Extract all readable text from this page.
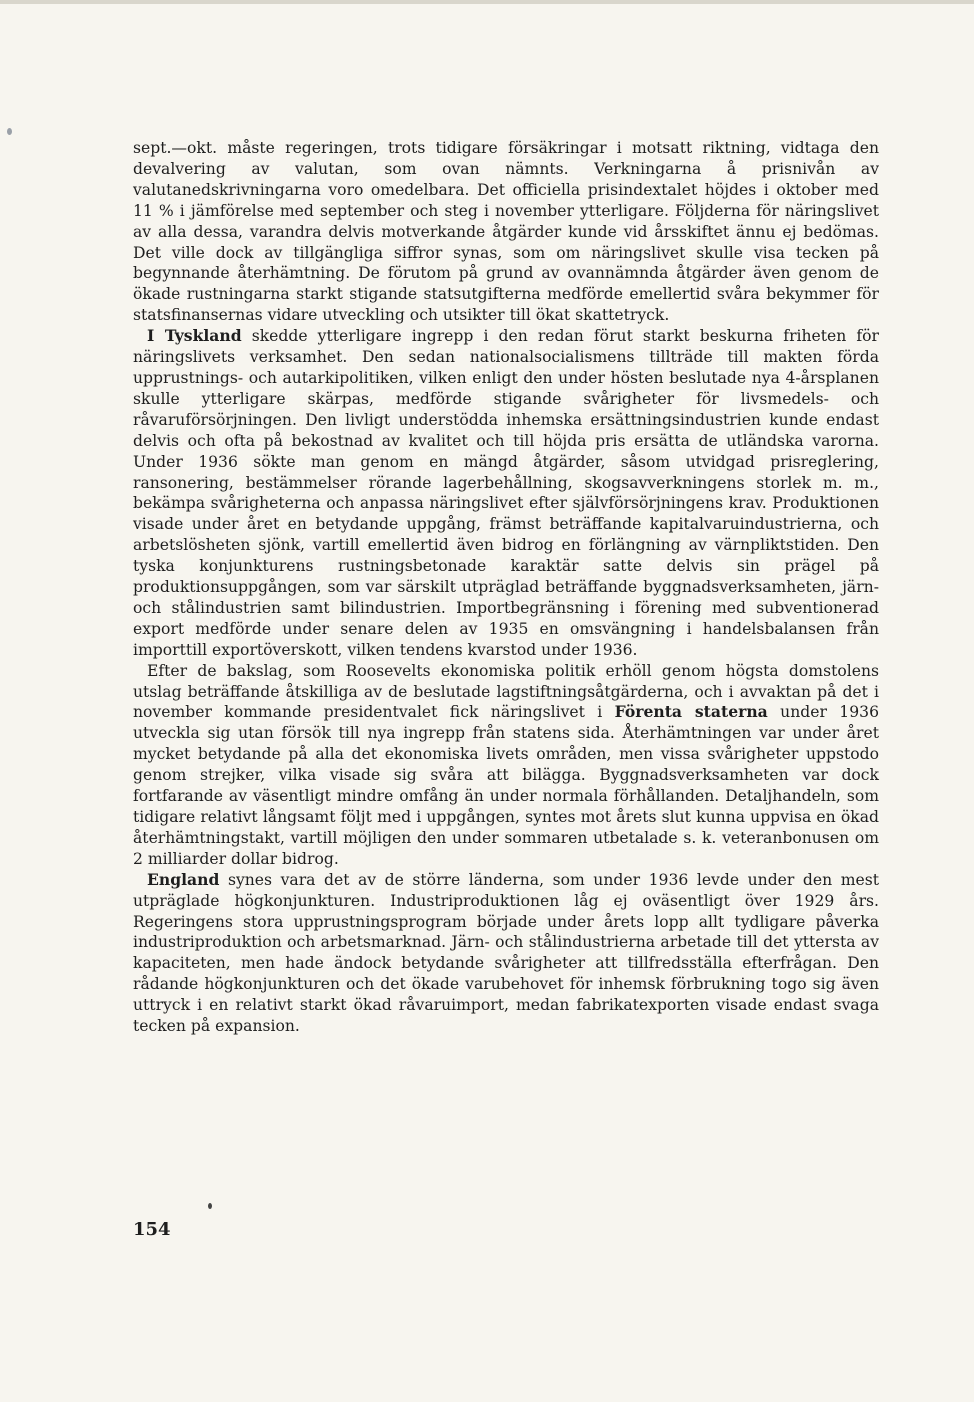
sept.—okt. måste regeringen, trots tidigare försäkringar i motsatt riktning, vidtaga den devalvering av valutan, som ovan nämnts. Verkningarna å prisnivån av valutanedskrivningarna voro omedelbara. Det officiella prisindextalet höjdes i oktober med 11 % i jämförelse med september och steg i november ytterligare. Följderna för näringslivet av alla dessa, varandra delvis motverkande åtgärder kunde vid årsskiftet ännu ej bedömas. Det ville dock av tillgängliga siffror synas, som om näringslivet skulle visa tecken på begynnande återhämtning. De förutom på grund av ovannämnda åtgärder även genom de ökade rustningarna starkt stigande statsutgifterna medförde emellertid svåra bekymmer för statsfinansernas vidare utveckling och utsikter till ökat skattetryck.

I Tyskland skedde ytterligare ingrepp i den redan förut starkt beskurna friheten för näringslivets verksamhet. Den sedan nationalsocialismens tillträde till makten förda upprustnings- och autarkipolitiken, vilken enligt den under hösten beslutade nya 4-årsplanen skulle ytterligare skärpas, medförde stigande svårigheter för livsmedels- och råvaruförsörjningen. Den livligt understödda inhemska ersättningsindustrien kunde endast delvis och ofta på bekostnad av kvalitet och till höjda pris ersätta de utländska varorna. Under 1936 sökte man genom en mängd åtgärder, såsom utvidgad prisreglering, ransonering, bestämmelser rörande lagerbehållning, skogsavverkningens storlek m. m., bekämpa svårigheterna och anpassa näringslivet efter självförsörjningens krav. Produktionen visade under året en betydande uppgång, främst beträffande kapitalvaruindustrierna, och arbetslösheten sjönk, vartill emellertid även bidrog en förlängning av värnpliktstiden. Den tyska konjunkturens rustningsbetonade karaktär satte delvis sin prägel på produktionsuppgången, som var särskilt utpräglad beträffande byggnadsverksamheten, järn- och stålindustrien samt bilindustrien. Importbegränsning i förening med subventionerad export medförde under senare delen av 1935 en omsvängning i handelsbalansen från importtill exportöverskott, vilken tendens kvarstod under 1936.

Efter de bakslag, som Roosevelts ekonomiska politik erhöll genom högsta domstolens utslag beträffande åtskilliga av de beslutade lagstiftningsåtgärderna, och i avvaktan på det i november kommande presidentvalet fick näringslivet i Förenta staterna under 1936 utveckla sig utan försök till nya ingrepp från statens sida. Återhämtningen var under året mycket betydande på alla det ekonomiska livets områden, men vissa svårigheter uppstodo genom strejker, vilka visade sig svåra att bilägga. Byggnadsverksamheten var dock fortfarande av väsentligt mindre omfång än under normala förhållanden. Detaljhandeln, som tidigare relativt långsamt följt med i uppgången, syntes mot årets slut kunna uppvisa en ökad återhämtningstakt, vartill möjligen den under sommaren utbetalade s. k. veteranbonusen om 2 milliarder dollar bidrog.

England synes vara det av de större länderna, som under 1936 levde under den mest utpräglade högkonjunkturen. Industriproduktionen låg ej oväsentligt över 1929 års. Regeringens stora upprustningsprogram började under årets lopp allt tydligare påverka industriproduktion och arbetsmarknad. Järn- och stålindustrierna arbetade till det yttersta av kapaciteten, men hade ändock betydande svårigheter att tillfredsställa efterfrågan. Den rådande högkonjunkturen och det ökade varubehovet för inhemsk förbrukning togo sig även uttryck i en relativt starkt ökad råvaruimport, medan fabrikatexporten visade endast svaga tecken på expansion.

154
